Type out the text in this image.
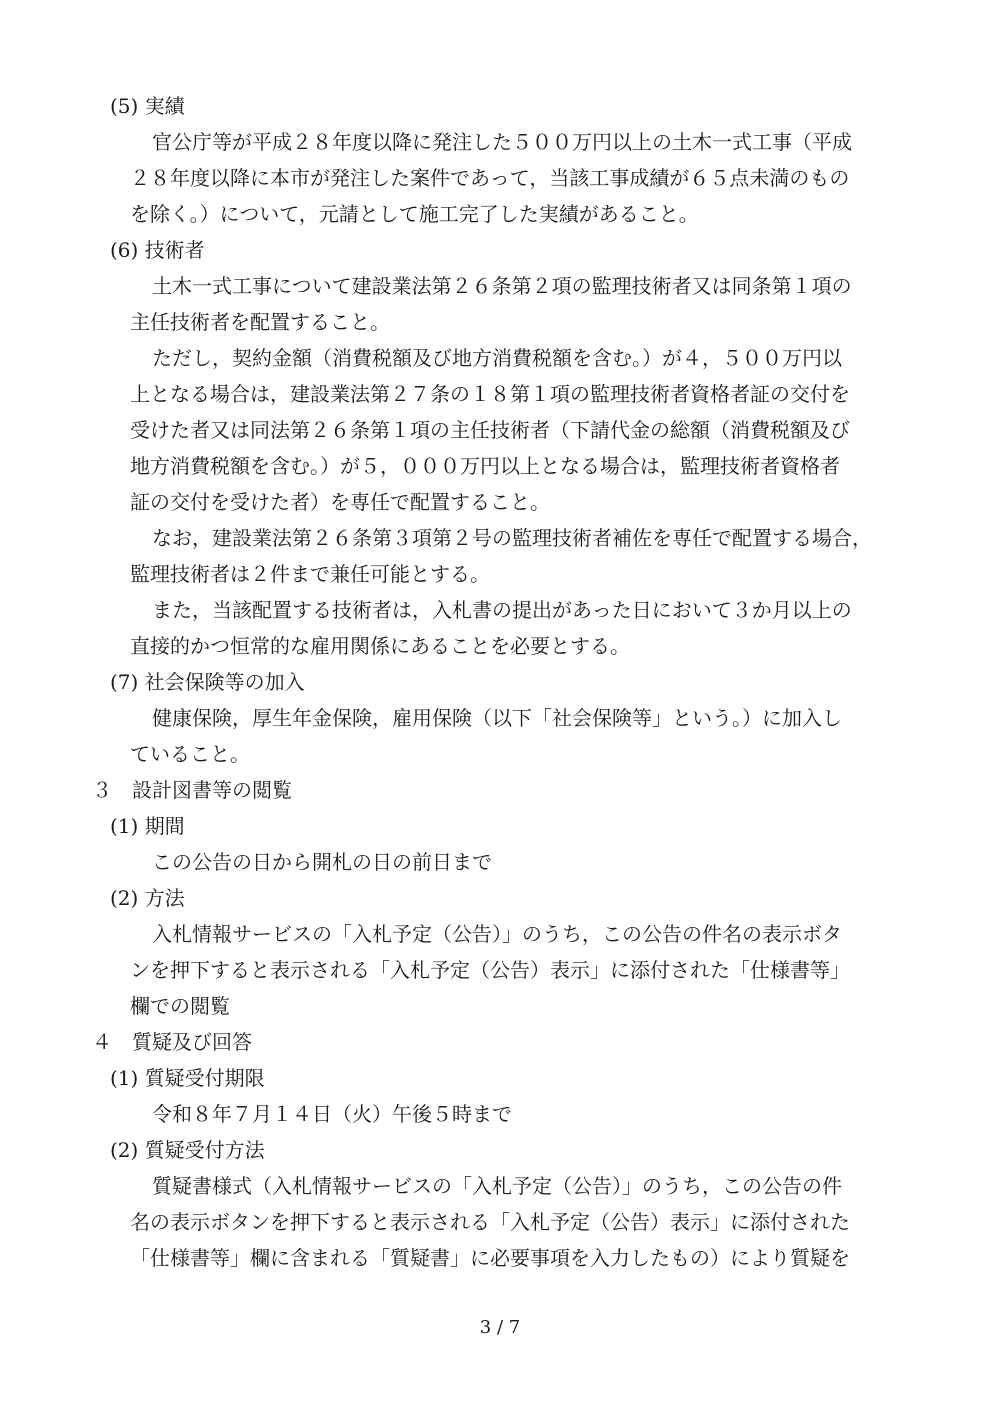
(5) 実績
官公庁等が平成２８年度以降に発注した５００万円以上の土木一式工事（平成
２８年度以降に本市が発注した案件であって，当該工事成績が６５点未満のもの
を除く。）について，元請として施工完了した実績があること。
(6) 技術者
土木一式工事について建設業法第２６条第２項の監理技術者又は同条第１項の
主任技術者を配置すること。
ただし，契約金額（消費税額及び地方消費税額を含む。）が４，５００万円以
上となる場合は，建設業法第２７条の１８第１項の監理技術者資格者証の交付を
受けた者又は同法第２６条第１項の主任技術者（下請代金の総額（消費税額及び
地方消費税額を含む。）が５，０００万円以上となる場合は，監理技術者資格者
証の交付を受けた者）を専任で配置すること。
なお，建設業法第２６条第３項第２号の監理技術者補佐を専任で配置する場合，
監理技術者は２件まで兼任可能とする。
また，当該配置する技術者は，入札書の提出があった日において３か月以上の
直接的かつ恒常的な雇用関係にあることを必要とする。
(7) 社会保険等の加入
健康保険，厚生年金保険，雇用保険（以下「社会保険等」という。）に加入し
ていること。
３　設計図書等の閲覧
(1) 期間
この公告の日から開札の日の前日まで
(2) 方法
入札情報サービスの「入札予定（公告）」のうち，この公告の件名の表示ボタ
ンを押下すると表示される「入札予定（公告）表示」に添付された「仕様書等」
欄での閲覧
４　質疑及び回答
(1) 質疑受付期限
令和８年７月１４日（火）午後５時まで
(2) 質疑受付方法
質疑書様式（入札情報サービスの「入札予定（公告）」のうち，この公告の件
名の表示ボタンを押下すると表示される「入札予定（公告）表示」に添付された
「仕様書等」欄に含まれる「質疑書」に必要事項を入力したもの）により質疑を
3 / 7
